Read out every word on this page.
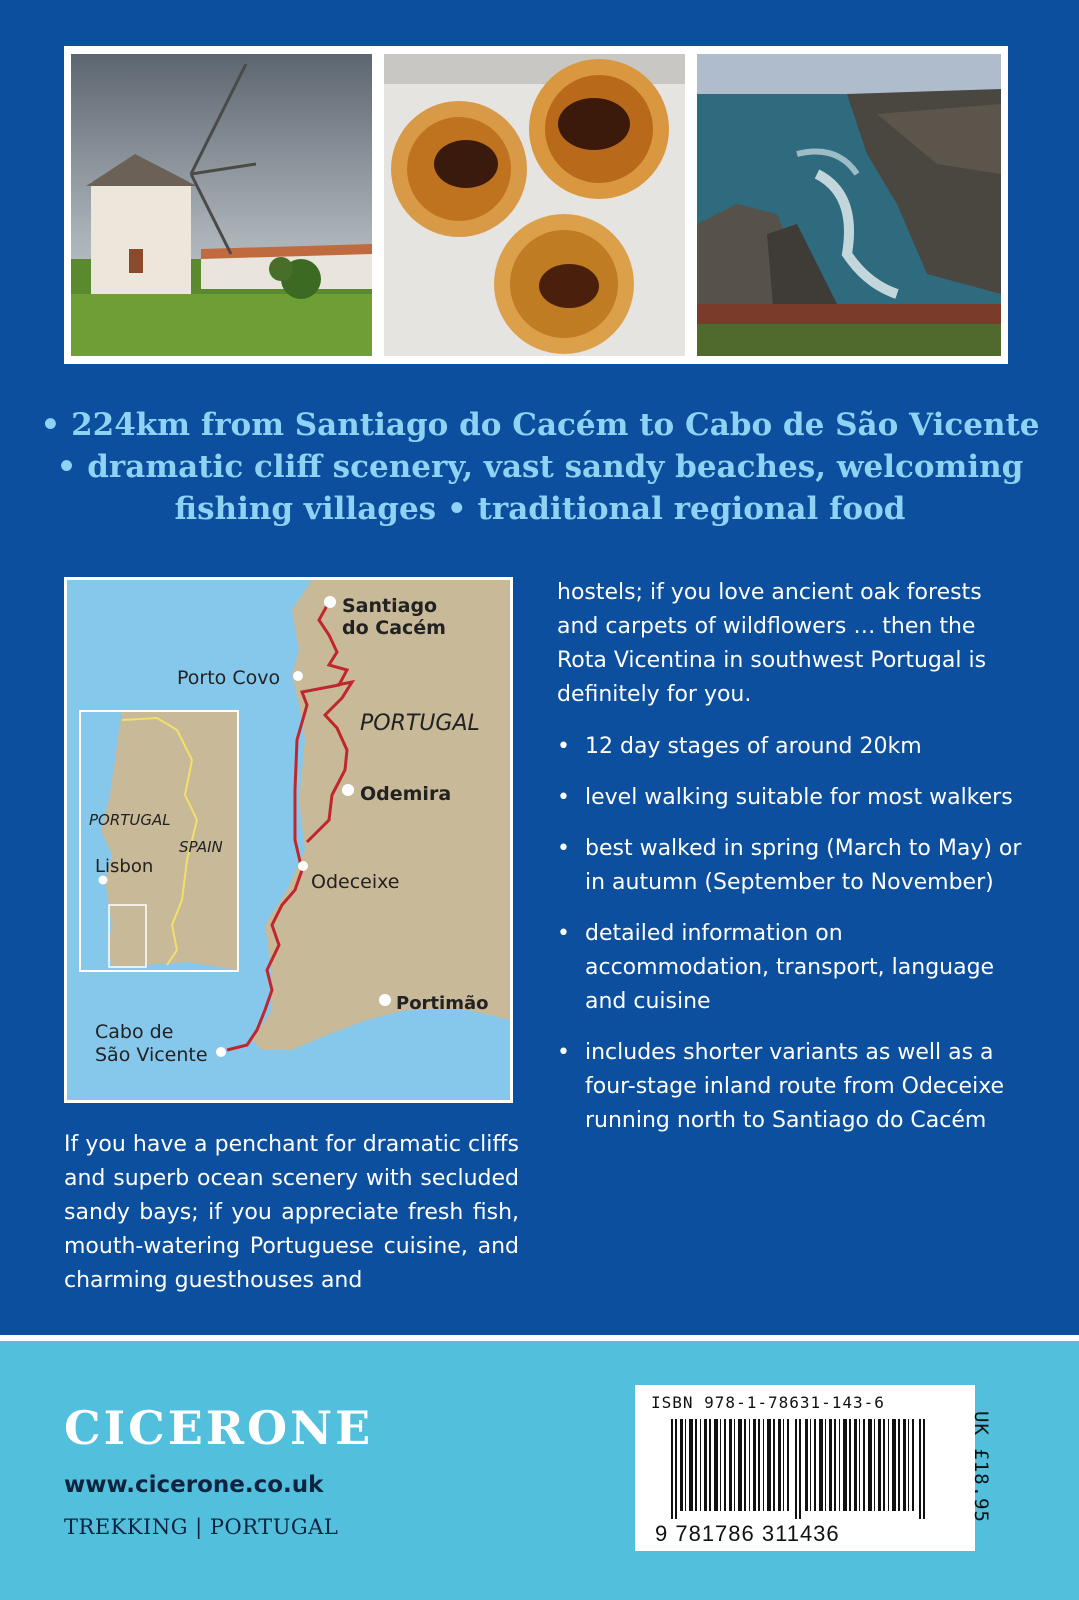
• 224km from Santiago do Cacém to Cabo de São Vicente
• dramatic cliff scenery, vast sandy beaches, welcoming
fishing villages • traditional regional food
Santiago
do Cacém
Porto Covo
PORTUGAL
Odemira
Odeceixe
Portimão
Cabo de
São Vicente
PORTUGAL
SPAIN
Lisbon

hostels; if you love ancient oak forests and carpets of wildflowers … then the Rota Vicentina in southwest Portugal is definitely for you.

• 12 day stages of around 20km
• level walking suitable for most walkers
• best walked in spring (March to May) or in autumn (September to November)
• detailed information on accommodation, transport, language and cuisine
• includes shorter variants as well as a four-stage inland route from Odeceixe running north to Santiago do Cacém
If you have a penchant for dramatic cliffs and superb ocean scenery with secluded sandy bays; if you appreciate fresh fish, mouth-watering Portuguese cuisine, and charming guesthouses and
CICERONE
www.cicerone.co.uk
TREKKING | PORTUGAL
ISBN 978-1-78631-143-6
9 781786 311436
UK £18.95
